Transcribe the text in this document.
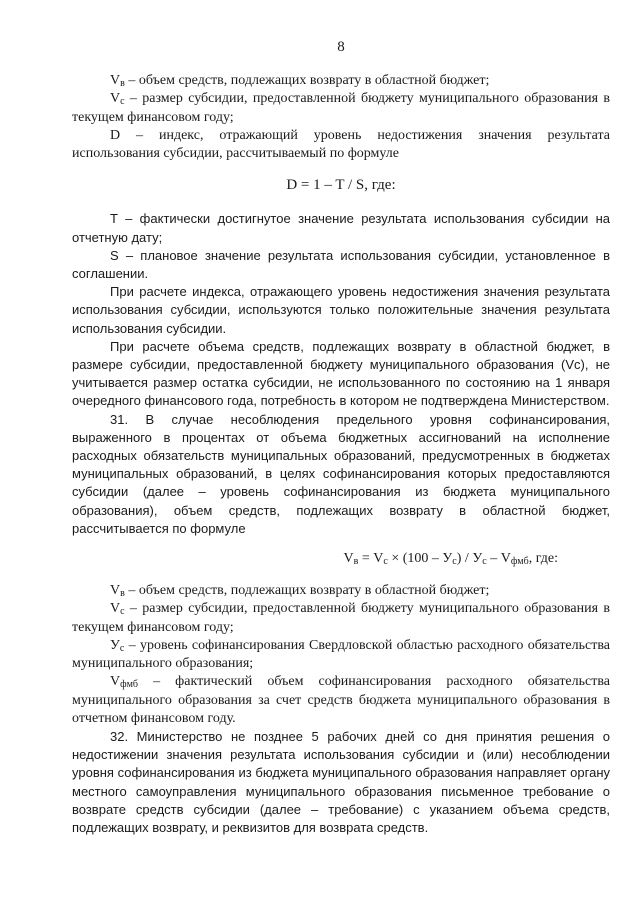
8

$V_в$ – объем средств, подлежащих возврату в областной бюджет;

$V_с$ – размер субсидии, предоставленной бюджету муниципального образования в текущем финансовом году;

D – индекс, отражающий уровень недостижения значения результата использования субсидии, рассчитываемый по формуле

D = 1 – T / S, где:

T – фактически достигнутое значение результата использования субсидии на отчетную дату;

S – плановое значение результата использования субсидии, установленное в соглашении.

При расчете индекса, отражающего уровень недостижения значения результата использования субсидии, используются только положительные значения результата использования субсидии.

При расчете объема средств, подлежащих возврату в областной бюджет, в размере субсидии, предоставленной бюджету муниципального образования (Vc), не учитывается размер остатка субсидии, не использованного по состоянию на 1 января очередного финансового года, потребность в котором не подтверждена Министерством.

31. В случае несоблюдения предельного уровня софинансирования, выраженного в процентах от объема бюджетных ассигнований на исполнение расходных обязательств муниципальных образований, предусмотренных в бюджетах муниципальных образований, в целях софинансирования которых предоставляются субсидии (далее – уровень софинансирования из бюджета муниципального образования), объем средств, подлежащих возврату в областной бюджет, рассчитывается по формуле

$V_в = V_с \times (100 - У_с) / У_с - V_{фмб}$, где:

$V_в$ – объем средств, подлежащих возврату в областной бюджет;

$V_с$ – размер субсидии, предоставленной бюджету муниципального образования в текущем финансовом году;

$У_с$ – уровень софинансирования Свердловской областью расходного обязательства муниципального образования;

$V_{фмб}$ – фактический объем софинансирования расходного обязательства муниципального образования за счет средств бюджета муниципального образования в отчетном финансовом году.

32. Министерство не позднее 5 рабочих дней со дня принятия решения о недостижении значения результата использования субсидии и (или) несоблюдении уровня софинансирования из бюджета муниципального образования направляет органу местного самоуправления муниципального образования письменное требование о возврате средств субсидии (далее – требование) с указанием объема средств, подлежащих возврату, и реквизитов для возврата средств.
